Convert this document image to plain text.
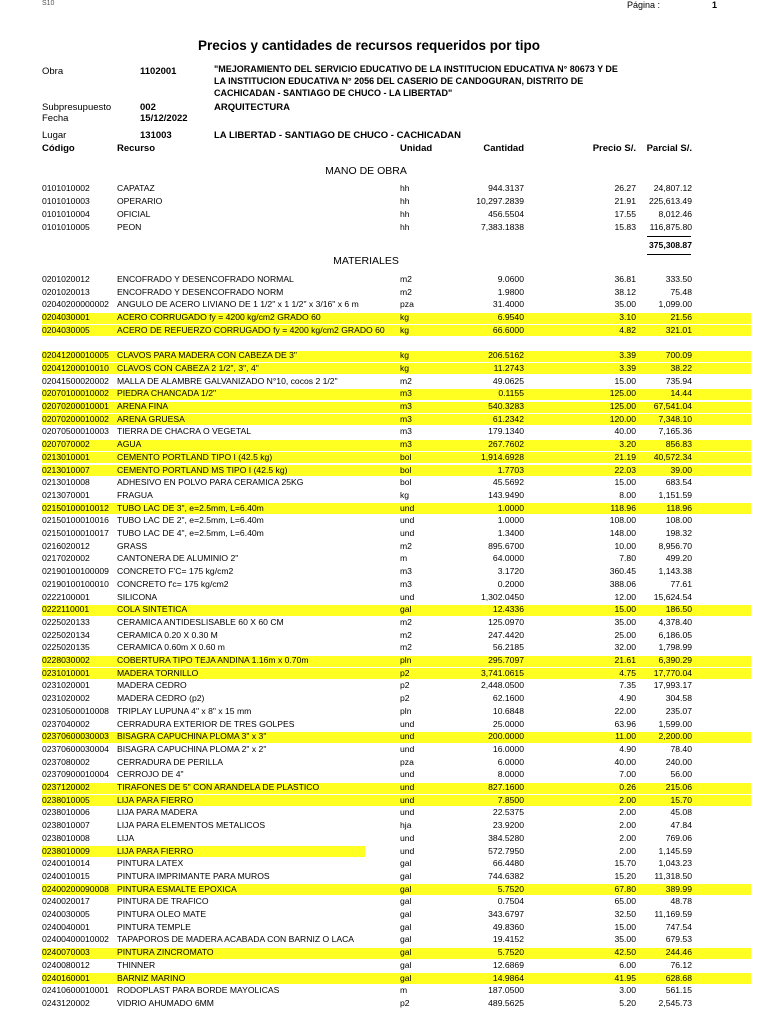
S10	Página :	1
Precios y cantidades de recursos requeridos por tipo
Obra	1102001	"MEJORAMIENTO DEL SERVICIO EDUCATIVO DE LA INSTITUCION EDUCATIVA N° 80673 Y DE
LA INSTITUCION EDUCATIVA N° 2056 DEL CASERIO DE CANDOGURAN, DISTRITO DE
CACHICADAN - SANTIAGO DE CHUCO - LA LIBERTAD"
Subpresupuesto	002	ARQUITECTURA
Fecha	15/12/2022
Lugar	131003	LA LIBERTAD - SANTIAGO DE CHUCO - CACHICADAN
Código	Recurso	Unidad	Cantidad	Precio S/. Parcial S/.
MANO DE OBRA
0101010002	CAPATAZ	hh	944.3137	26.27 24,807.12
0101010003	OPERARIO	hh	10,297.2839	21.91 225,613.49
0101010004	OFICIAL	hh	456.5504	17.55	8,012.46
0101010005	PEON	hh	7,383.1838	15.83 116,875.80
375,308.87
MATERIALES
0201020012	ENCOFRADO Y DESENCOFRADO NORMAL	m2	9.0600	36.81	333.50
0201020013	ENCOFRADO Y DESENCOFRADO NORM	m2	1.9800	38.12	75.48
02040200000002 ANGULO DE ACERO LIVIANO DE 1 1/2" x 1 1/2" x 3/16" x 6 m	pza	31.4000	35.00	1,099.00
0204030001	ACERO CORRUGADO fy = 4200 kg/cm2 GRADO 60	kg	6.9540	3.10	21.56
0204030005	ACERO DE REFUERZO CORRUGADO fy = 4200 kg/cm2 GRADO 60 kg	66.6000	4.82	321.01
02041200010005 CLAVOS PARA MADERA CON CABEZA DE 3"	kg	206.5162	3.39	700.09
02041200010010 CLAVOS CON CABEZA 2 1/2", 3", 4"	kg	11.2743	3.39	38.22
02041500020002 MALLA DE ALAMBRE GALVANIZADO N°10, cocos 2 1/2"	m2	49.0625	15.00	735.94
02070100010002 PIEDRA CHANCADA 1/2"	m3	0.1155	125.00	14.44
02070200010001 ARENA FINA	m3	540.3283	125.00 67,541.04
02070200010002 ARENA GRUESA	m3	61.2342	120.00	7,348.10
02070500010003 TIERRA DE CHACRA O VEGETAL	m3	179.1340	40.00	7,165.36
0207070002	AGUA	m3	267.7602	3.20	856.83
0213010001	CEMENTO PORTLAND TIPO I (42.5 kg)	bol	1,914.6928	21.19 40,572.34
0213010007	CEMENTO PORTLAND MS TIPO I (42.5 kg)	bol	1.7703	22.03	39.00
0213010008	ADHESIVO EN POLVO PARA CERAMICA 25KG	bol	45.5692	15.00	683.54
0213070001	FRAGUA	kg	143.9490	8.00	1,151.59
02150100010012 TUBO LAC DE 3", e=2.5mm, L=6.40m	und	1.0000	118.96	118.96
02150100010016 TUBO LAC DE 2", e=2.5mm, L=6.40m	und	1.0000	108.00	108.00
02150100010017 TUBO LAC DE 4", e=2.5mm, L=6.40m	und	1.3400	148.00	198.32
0216020012	GRASS	m2	895.6700	10.00	8,956.70
0217020002	CANTONERA DE ALUMINIO 2"	m	64.0000	7.80	499.20
02190100100009 CONCRETO F'C= 175 kg/cm2	m3	3.1720	360.45	1,143.38
02190100100010 CONCRETO f'c= 175 kg/cm2	m3	0.2000	388.06	77.61
0222100001	SILICONA	und	1,302.0450	12.00 15,624.54
0222110001	COLA SINTETICA	gal	12.4336	15.00	186.50
0225020133	CERAMICA ANTIDESLISABLE 60 X 60 CM	m2	125.0970	35.00	4,378.40
0225020134	CERAMICA 0.20 X 0.30 M	m2	247.4420	25.00	6,186.05
0225020135	CERAMICA 0.60m X 0.60 m	m2	56.2185	32.00	1,798.99
0228030002	COBERTURA TIPO TEJA ANDINA 1.16m x 0.70m	pln	295.7097	21.61	6,390.29
0231010001	MADERA TORNILLO	p2	3,741.0615	4.75 17,770.04
0231020001	MADERA CEDRO	p2	2,448.0500	7.35 17,993.17
0231020002	MADERA CEDRO (p2)	p2	62.1600	4.90	304.58
02310500010008 TRIPLAY LUPUNA 4" x 8" x 15 mm	pln	10.6848	22.00	235.07
0237040002	CERRADURA EXTERIOR DE TRES GOLPES	und	25.0000	63.96	1,599.00
02370600030003 BISAGRA CAPUCHINA PLOMA 3" x 3"	und	200.0000	11.00	2,200.00
02370600030004 BISAGRA CAPUCHINA PLOMA 2" x 2"	und	16.0000	4.90	78.40
0237080002	CERRADURA DE PERILLA	pza	6.0000	40.00	240.00
02370900010004 CERROJO DE 4"	und	8.0000	7.00	56.00
0237120002	TIRAFONES DE 5" CON ARANDELA DE PLASTICO	und	827.1600	0.26	215.06
0238010005	LIJA PARA FIERRO	und	7.8500	2.00	15.70
0238010006	LIJA PARA MADERA	und	22.5375	2.00	45.08
0238010007	LIJA PARA ELEMENTOS METALICOS	hja	23.9200	2.00	47.84
0238010008	LIJA	und	384.5280	2.00	769.06
0238010009	LIJA PARA FIERRO	und	572.7950	2.00	1,145.59
0240010014	PINTURA LATEX	gal	66.4480	15.70	1,043.23
0240010015	PINTURA IMPRIMANTE PARA MUROS	gal	744.6382	15.20 11,318.50
02400200090008 PINTURA ESMALTE EPOXICA	gal	5.7520	67.80	389.99
0240020017	PINTURA DE TRAFICO	gal	0.7504	65.00	48.78
0240030005	PINTURA OLEO MATE	gal	343.6797	32.50 11,169.59
0240040001	PINTURA TEMPLE	gal	49.8360	15.00	747.54
02400400010002 TAPAPOROS DE MADERA ACABADA CON BARNIZ O LACA	gal	19.4152	35.00	679.53
0240070003	PINTURA ZINCROMATO	gal	5.7520	42.50	244.46
0240080012	THINNER	gal	12.6869	6.00	76.12
0240160001	BARNIZ MARINO	gal	14.9864	41.95	628.68
02410600010001 RODOPLAST PARA BORDE MAYOLICAS	m	187.0500	3.00	561.15
0243120002	VIDRIO AHUMADO 6MM	p2	489.5625	5.20	2,545.73
